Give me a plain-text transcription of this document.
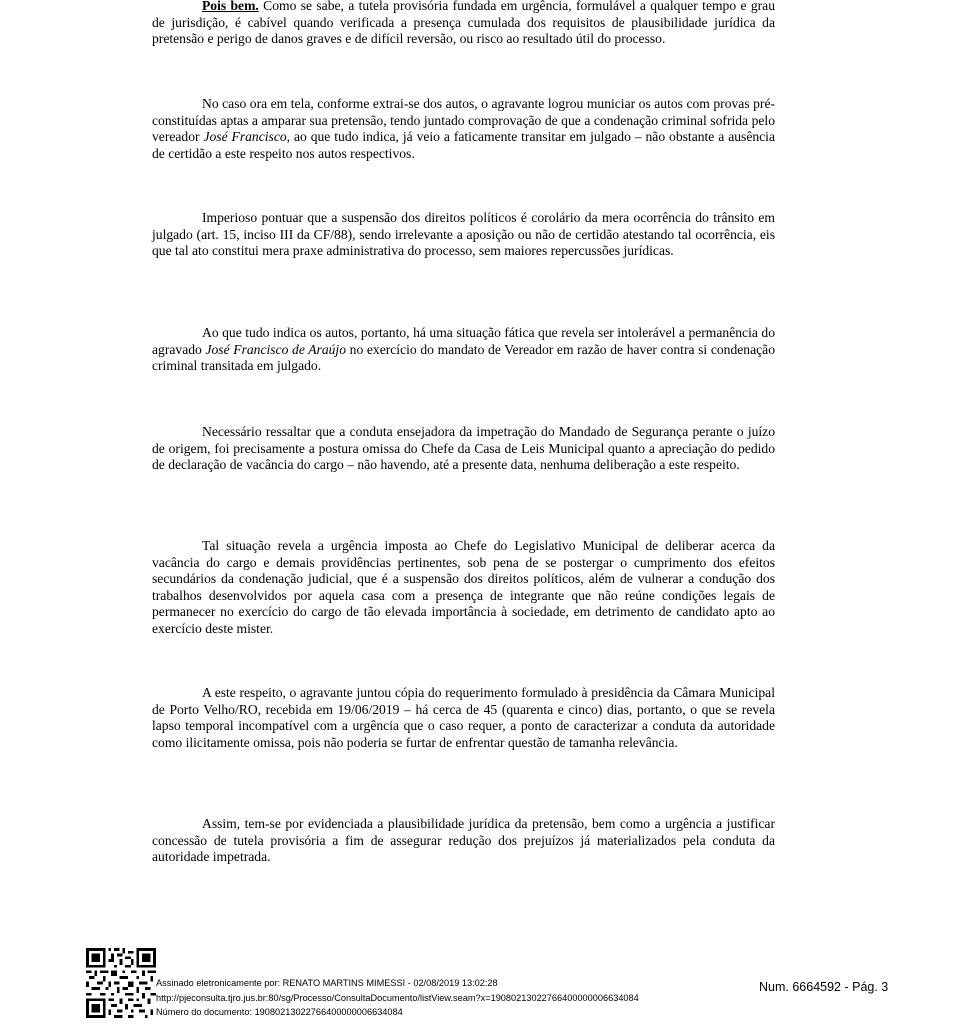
Pois bem. Como se sabe, a tutela provisória fundada em urgência, formulável a qualquer tempo e grau de jurisdição, é cabível quando verificada a presença cumulada dos requisitos de plausibilidade jurídica da pretensão e perigo de danos graves e de difícil reversão, ou risco ao resultado útil do processo.

No caso ora em tela, conforme extrai-se dos autos, o agravante logrou municiar os autos com provas pré-constituídas aptas a amparar sua pretensão, tendo juntado comprovação de que a condenação criminal sofrida pelo vereador José Francisco, ao que tudo indica, já veio a faticamente transitar em julgado – não obstante a ausência de certidão a este respeito nos autos respectivos.

Imperioso pontuar que a suspensão dos direitos políticos é corolário da mera ocorrência do trânsito em julgado (art. 15, inciso III da CF/88), sendo irrelevante a aposição ou não de certidão atestando tal ocorrência, eis que tal ato constitui mera praxe administrativa do processo, sem maiores repercussões jurídicas.

Ao que tudo indica os autos, portanto, há uma situação fática que revela ser intolerável a permanência do agravado José Francisco de Araújo no exercício do mandato de Vereador em razão de haver contra si condenação criminal transitada em julgado.

Necessário ressaltar que a conduta ensejadora da impetração do Mandado de Segurança perante o juízo de origem, foi precisamente a postura omissa do Chefe da Casa de Leis Municipal quanto a apreciação do pedido de declaração de vacância do cargo – não havendo, até a presente data, nenhuma deliberação a este respeito.

Tal situação revela a urgência imposta ao Chefe do Legislativo Municipal de deliberar acerca da vacância do cargo e demais providências pertinentes, sob pena de se postergar o cumprimento dos efeitos secundários da condenação judicial, que é a suspensão dos direitos políticos, além de vulnerar a condução dos trabalhos desenvolvidos por aquela casa com a presença de integrante que não reúne condições legais de permanecer no exercício do cargo de tão elevada importância à sociedade, em detrimento de candidato apto ao exercício deste mister.

A este respeito, o agravante juntou cópia do requerimento formulado à presidência da Câmara Municipal de Porto Velho/RO, recebida em 19/06/2019 – há cerca de 45 (quarenta e cinco) dias, portanto, o que se revela lapso temporal incompatível com a urgência que o caso requer, a ponto de caracterizar a conduta da autoridade como ilicitamente omissa, pois não poderia se furtar de enfrentar questão de tamanha relevância.

Assim, tem-se por evidenciada a plausibilidade jurídica da pretensão, bem como a urgência a justificar concessão de tutela provisória a fim de assegurar redução dos prejuízos já materializados pela conduta da autoridade impetrada.

Assinado eletronicamente por: RENATO MARTINS MIMESSI - 02/08/2019 13:02:28
http://pjeconsulta.tjro.jus.br:80/sg/Processo/ConsultaDocumento/listView.seam?x=19080213022766400000006634084
Número do documento: 19080213022766400000006634084
Num. 6664592 - Pág. 3
